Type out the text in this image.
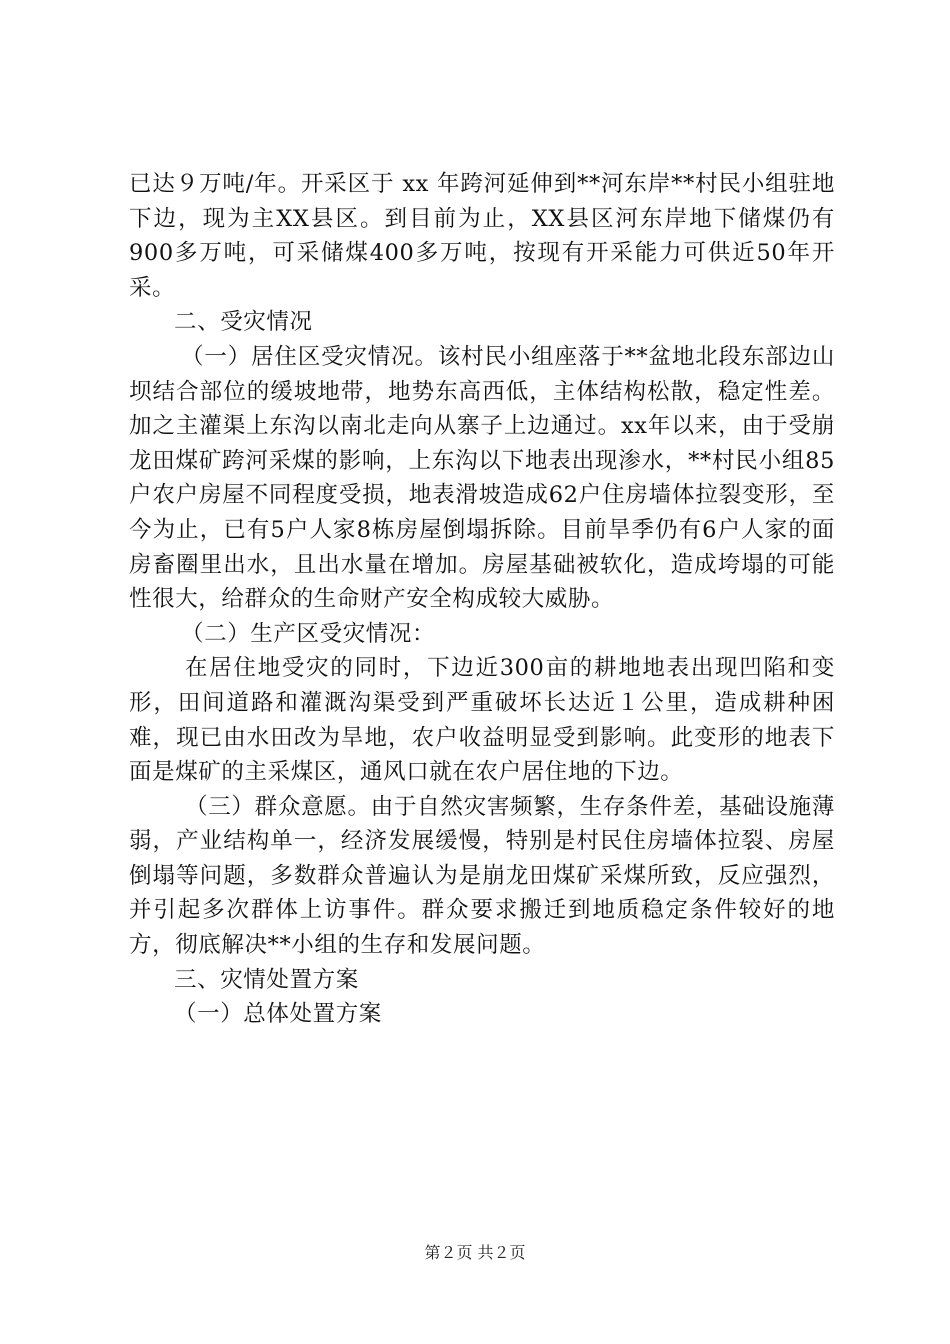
已达９万吨/年。开采区于 xx 年跨河延伸到**河东岸**村民小组驻地下边，现为主XX县区。到目前为止，XX县区河东岸地下储煤仍有900多万吨，可采储煤400多万吨，按现有开采能力可供近50年开采。

二、受灾情况

（一）居住区受灾情况。该村民小组座落于**盆地北段东部边山坝结合部位的缓坡地带，地势东高西低，主体结构松散，稳定性差。加之主灌渠上东沟以南北走向从寨子上边通过。xx年以来，由于受崩龙田煤矿跨河采煤的影响，上东沟以下地表出现渗水，**村民小组85户农户房屋不同程度受损，地表滑坡造成62户住房墙体拉裂变形，至今为止，已有5户人家8栋房屋倒塌拆除。目前旱季仍有6户人家的面房畜圈里出水，且出水量在增加。房屋基础被软化，造成垮塌的可能性很大，给群众的生命财产安全构成较大威胁。

（二）生产区受灾情况：

在居住地受灾的同时，下边近300亩的耕地地表出现凹陷和变形，田间道路和灌溉沟渠受到严重破坏长达近１公里，造成耕种困难，现已由水田改为旱地，农户收益明显受到影响。此变形的地表下面是煤矿的主采煤区，通风口就在农户居住地的下边。

（三）群众意愿。由于自然灾害频繁，生存条件差，基础设施薄弱，产业结构单一，经济发展缓慢，特别是村民住房墙体拉裂、房屋倒塌等问题，多数群众普遍认为是崩龙田煤矿采煤所致，反应强烈，并引起多次群体上访事件。群众要求搬迁到地质稳定条件较好的地方，彻底解决**小组的生存和发展问题。

三、灾情处置方案

（一）总体处置方案

第２页 共２页
